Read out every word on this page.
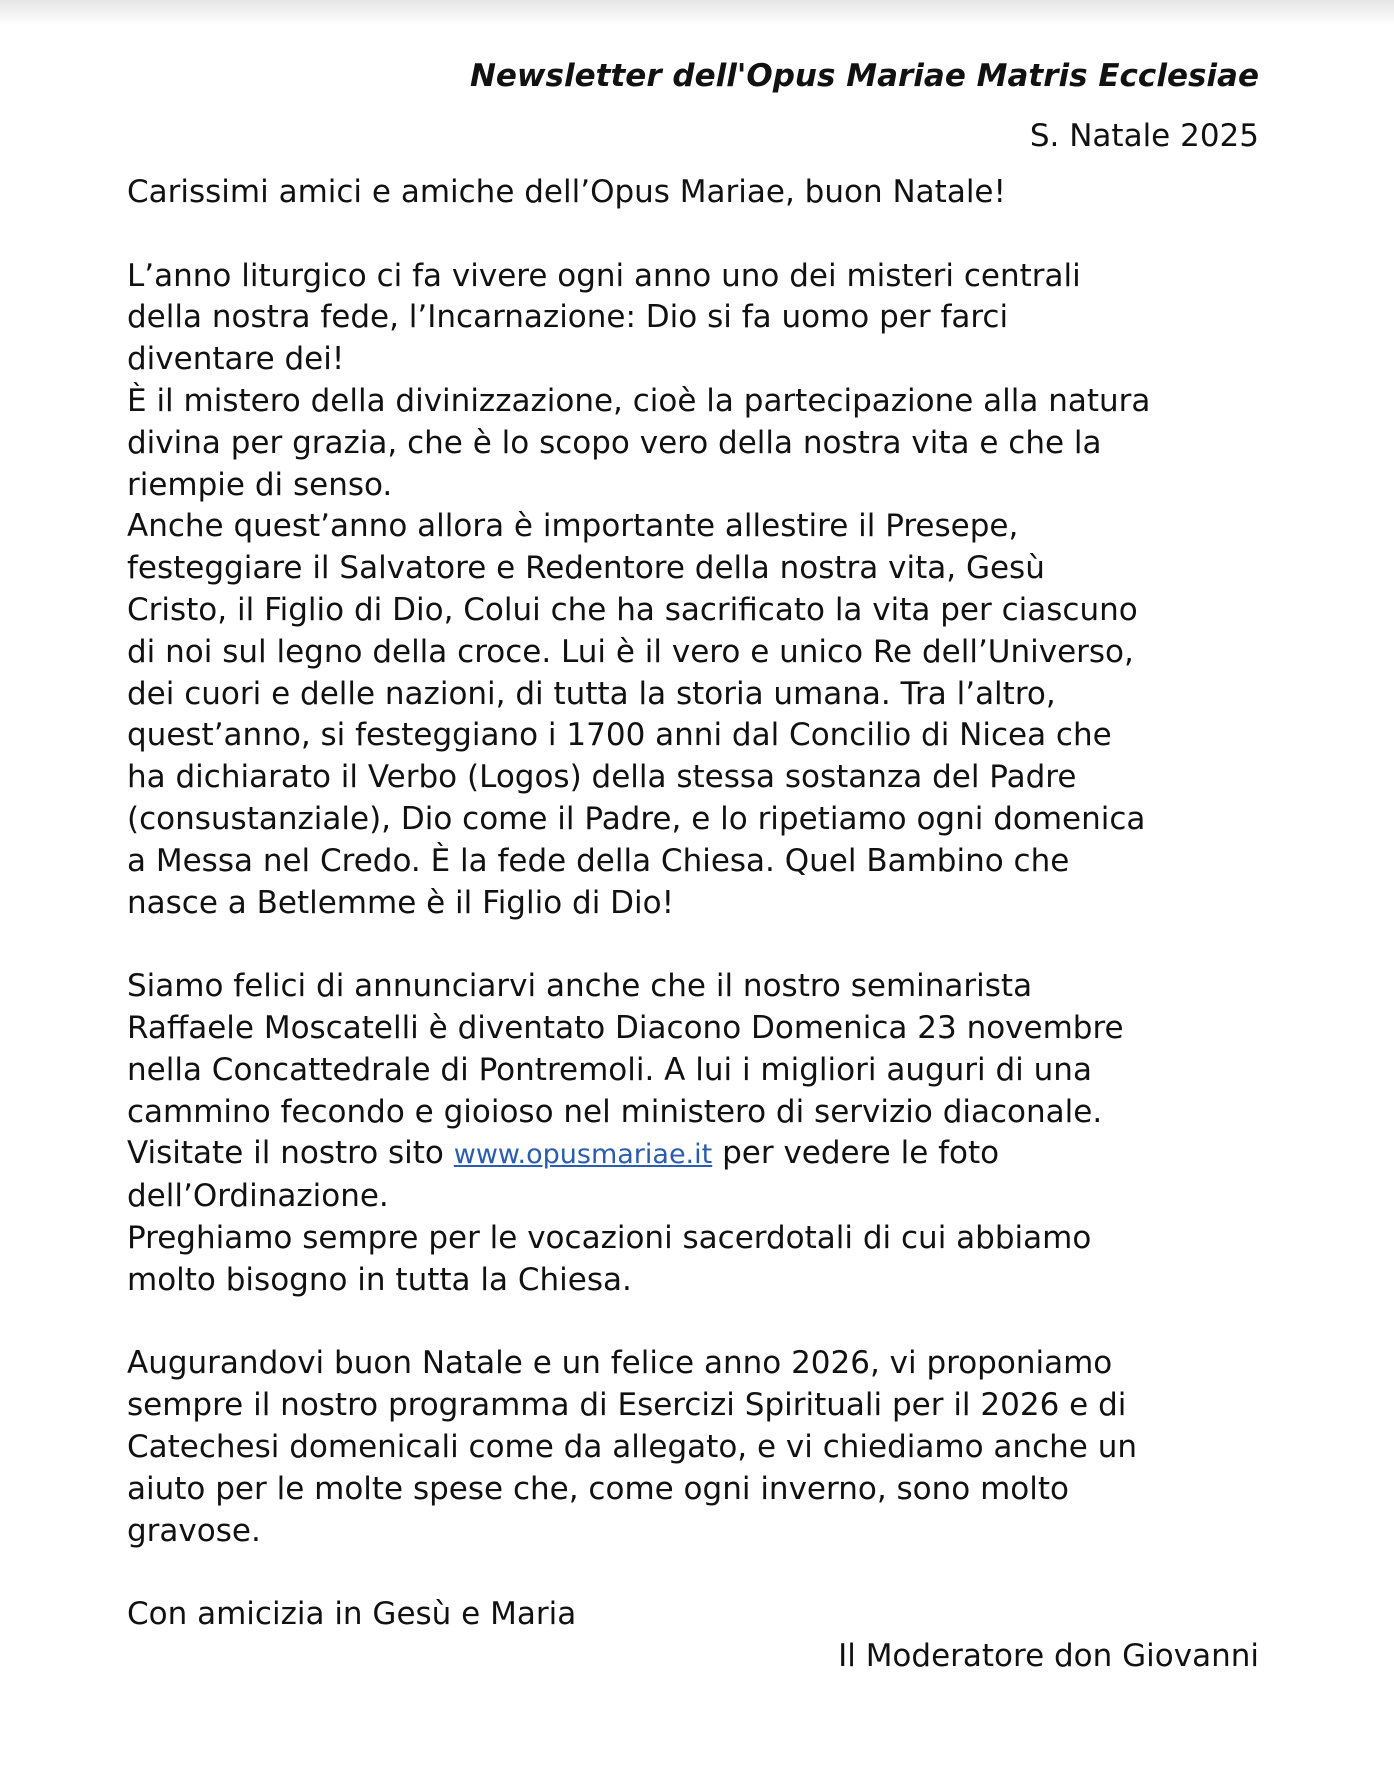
Newsletter dell'Opus Mariae Matris Ecclesiae

S. Natale 2025

Carissimi amici e amiche dell’Opus Mariae, buon Natale!

L’anno liturgico ci fa vivere ogni anno uno dei misteri centrali
della nostra fede, l’Incarnazione: Dio si fa uomo per farci
diventare dei!
È il mistero della divinizzazione, cioè la partecipazione alla natura
divina per grazia, che è lo scopo vero della nostra vita e che la
riempie di senso.
Anche quest’anno allora è importante allestire il Presepe,
festeggiare il Salvatore e Redentore della nostra vita, Gesù
Cristo, il Figlio di Dio, Colui che ha sacrificato la vita per ciascuno
di noi sul legno della croce. Lui è il vero e unico Re dell’Universo,
dei cuori e delle nazioni, di tutta la storia umana. Tra l’altro,
quest’anno, si festeggiano i 1700 anni dal Concilio di Nicea che
ha dichiarato il Verbo (Logos) della stessa sostanza del Padre
(consustanziale), Dio come il Padre, e lo ripetiamo ogni domenica
a Messa nel Credo. È la fede della Chiesa. Quel Bambino che
nasce a Betlemme è il Figlio di Dio!

Siamo felici di annunciarvi anche che il nostro seminarista
Raffaele Moscatelli è diventato Diacono Domenica 23 novembre
nella Concattedrale di Pontremoli. A lui i migliori auguri di una
cammino fecondo e gioioso nel ministero di servizio diaconale.
Visitate il nostro sito www.opusmariae.it per vedere le foto
dell’Ordinazione.
Preghiamo sempre per le vocazioni sacerdotali di cui abbiamo
molto bisogno in tutta la Chiesa.

Augurandovi buon Natale e un felice anno 2026, vi proponiamo
sempre il nostro programma di Esercizi Spirituali per il 2026 e di
Catechesi domenicali come da allegato, e vi chiediamo anche un
aiuto per le molte spese che, come ogni inverno, sono molto
gravose.

Con amicizia in Gesù e Maria

Il Moderatore don Giovanni
